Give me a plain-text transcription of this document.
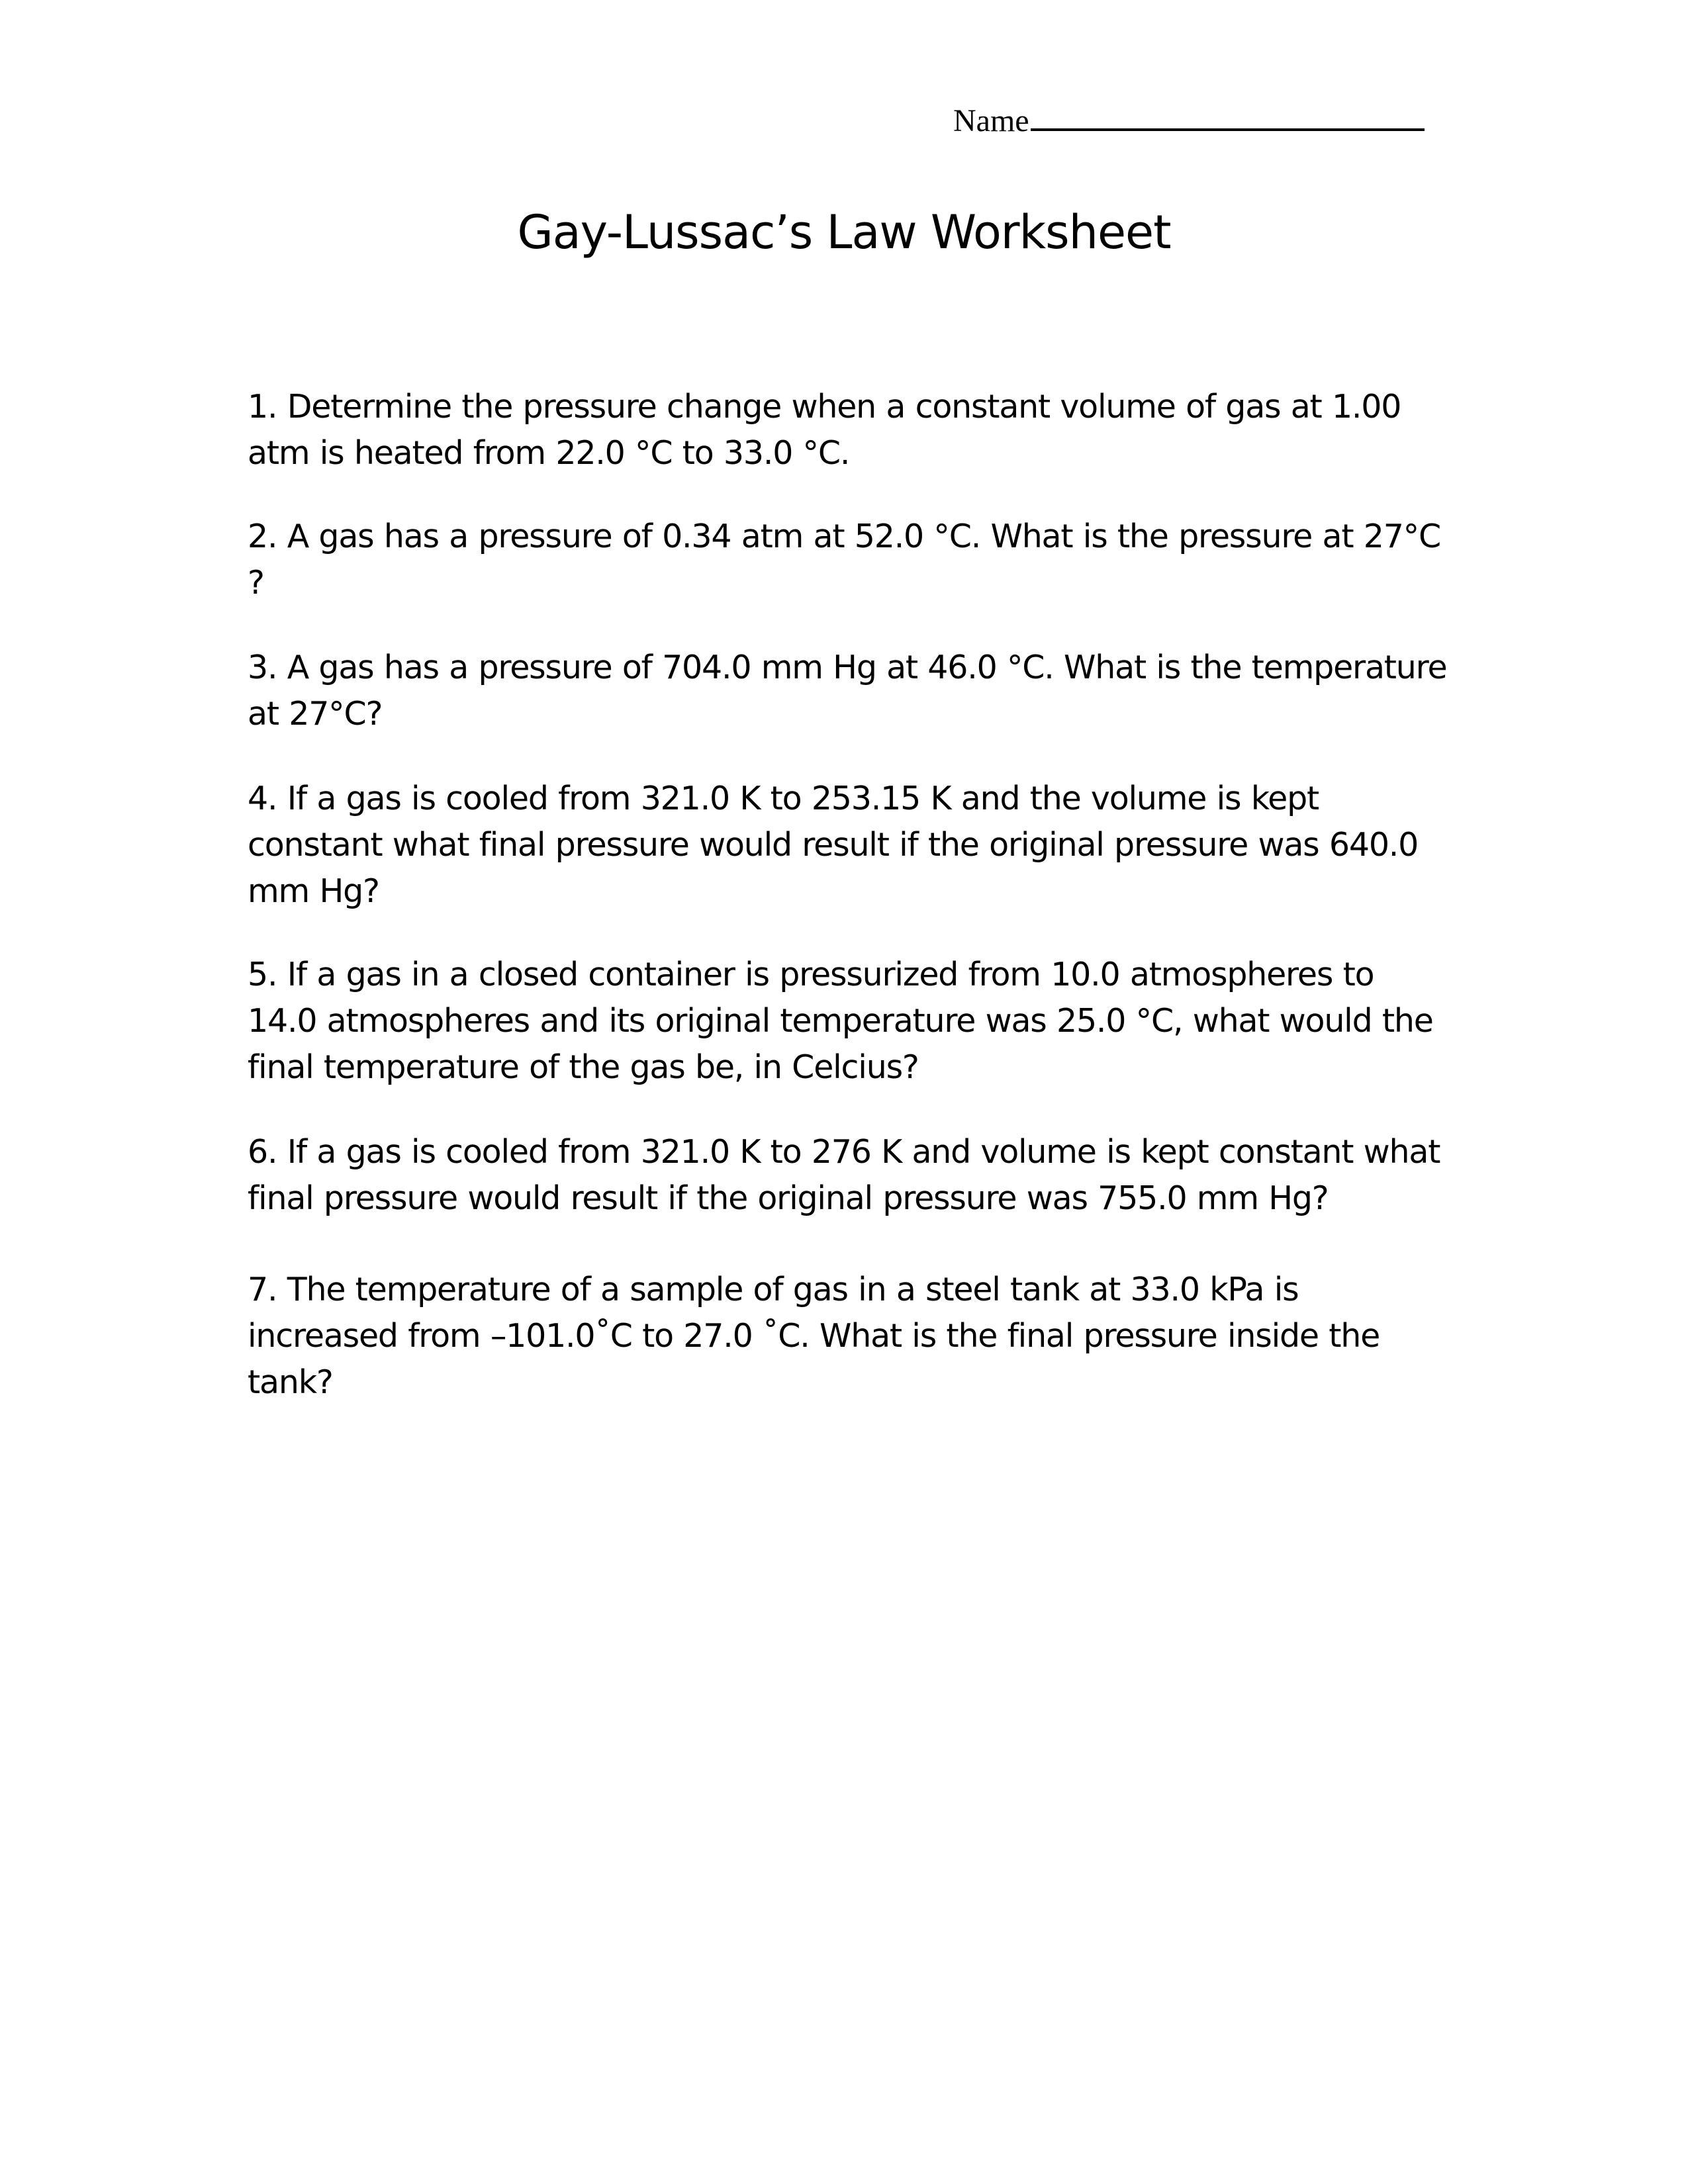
Name
Gay-Lussac’s Law Worksheet
1. Determine the pressure change when a constant volume of gas at 1.00 atm is heated from 22.0 °C to 33.0 °C.
2. A gas has a pressure of 0.34 atm at 52.0 °C. What is the pressure at 27°C ?
3. A gas has a pressure of 704.0 mm Hg at 46.0 °C. What is the temperature at 27°C?
4. If a gas is cooled from 321.0 K to 253.15 K and the volume is kept constant what final pressure would result if the original pressure was 640.0 mm Hg?
5. If a gas in a closed container is pressurized from 10.0 atmospheres to 14.0 atmospheres and its original temperature was 25.0 °C, what would the final temperature of the gas be, in Celcius?
6. If a gas is cooled from 321.0 K to 276 K and volume is kept constant what final pressure would result if the original pressure was 755.0 mm Hg?
7. The temperature of a sample of gas in a steel tank at 33.0 kPa is increased from –101.0˚C to 27.0 ˚C. What is the final pressure inside the tank?
